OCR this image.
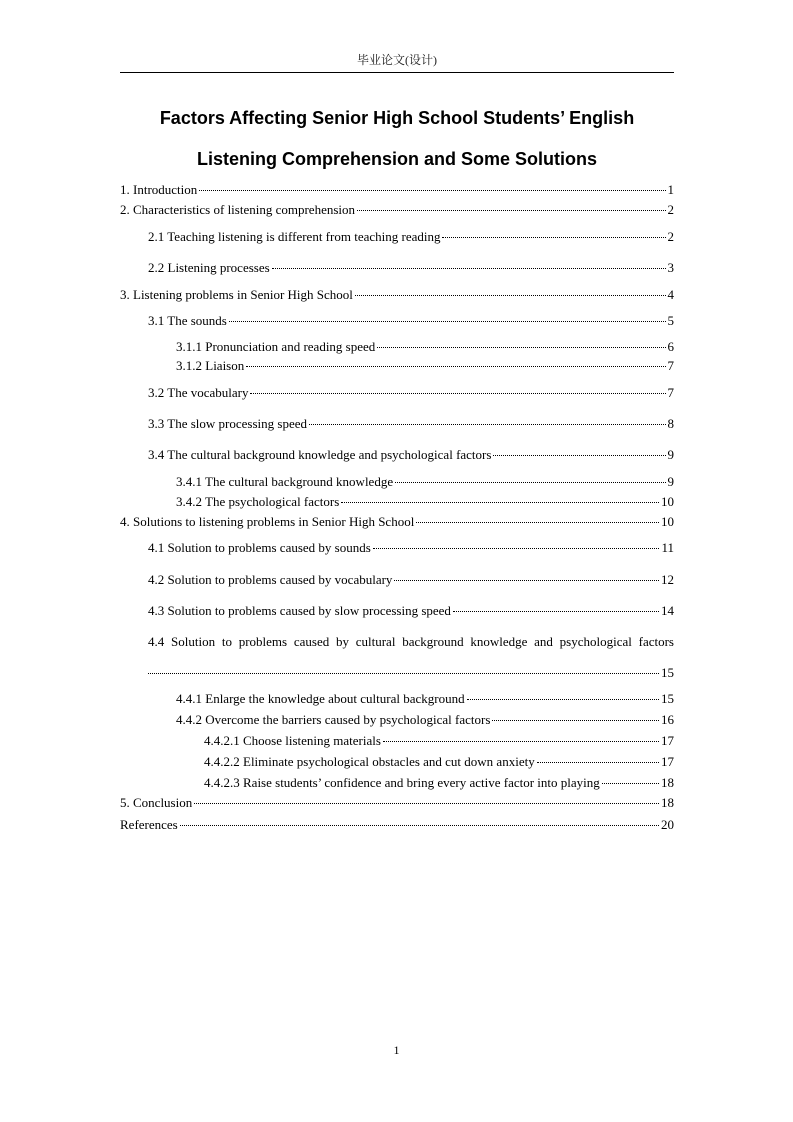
毕业论文(设计)
Factors Affecting Senior High School Students’ English
Listening Comprehension and Some Solutions
1. Introduction	1
2. Characteristics of listening comprehension	2
2.1 Teaching listening is different from teaching reading	2
2.2 Listening processes	3
3. Listening problems in Senior High School	4
3.1 The sounds	5
3.1.1 Pronunciation and reading speed	6
3.1.2 Liaison	7
3.2 The vocabulary	7
3.3 The slow processing speed	8
3.4 The cultural background knowledge and psychological factors	9
3.4.1 The cultural background knowledge	9
3.4.2 The psychological factors	10
4. Solutions to listening problems in Senior High School	10
4.1 Solution to problems caused by sounds	11
4.2 Solution to problems caused by vocabulary	12
4.3 Solution to problems caused by slow processing speed	14
4.4 Solution to problems caused by cultural background knowledge and psychological factors
15
4.4.1 Enlarge the knowledge about cultural background	15
4.4.2 Overcome the barriers caused by psychological factors	16
4.4.2.1 Choose listening materials	17
4.4.2.2 Eliminate psychological obstacles and cut down anxiety	17
4.4.2.3 Raise students’ confidence and bring every active factor into playing	18
5. Conclusion	18
References	20
1
